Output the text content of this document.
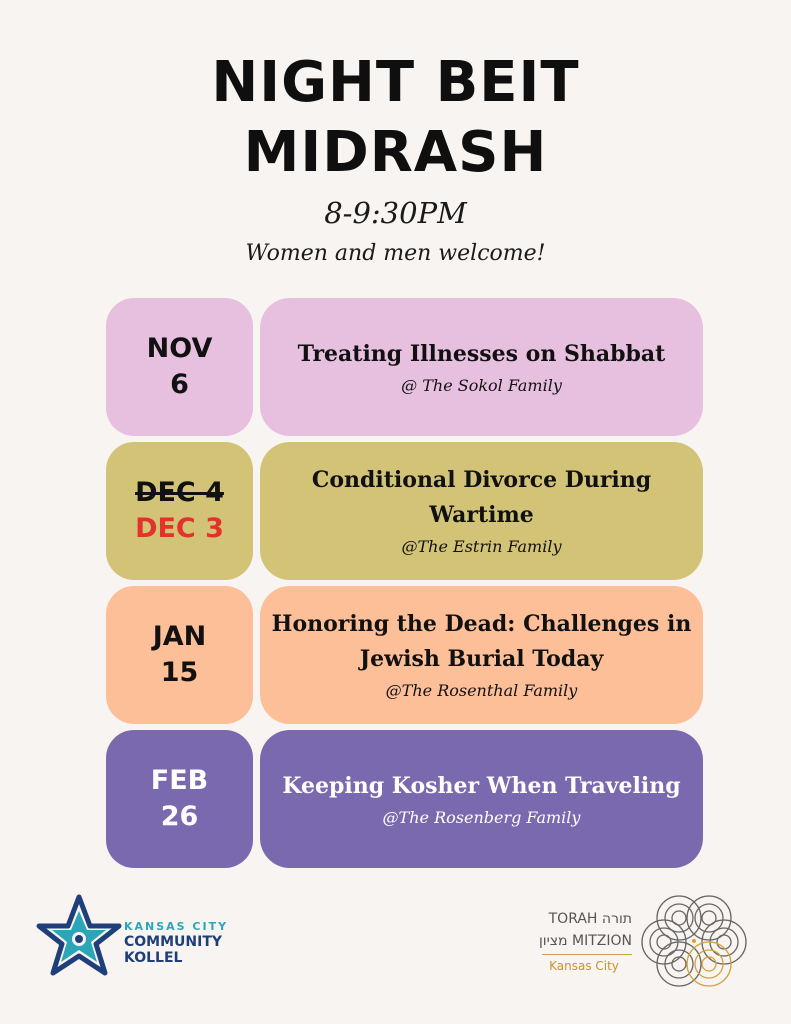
NIGHT BEIT
MIDRASH
8-9:30PM
Women and men welcome!
NOV
6
Treating Illnesses on Shabbat
@ The Sokol Family
DEC 4
DEC 3
Conditional Divorce During Wartime
@The Estrin Family
JAN
15
Honoring the Dead: Challenges in Jewish Burial Today
@The Rosenthal Family
FEB
26
Keeping Kosher When Traveling
@The Rosenberg Family
KANSAS CITY
COMMUNITY
KOLLEL
TORAH תורה
מציון MITZION
Kansas City
